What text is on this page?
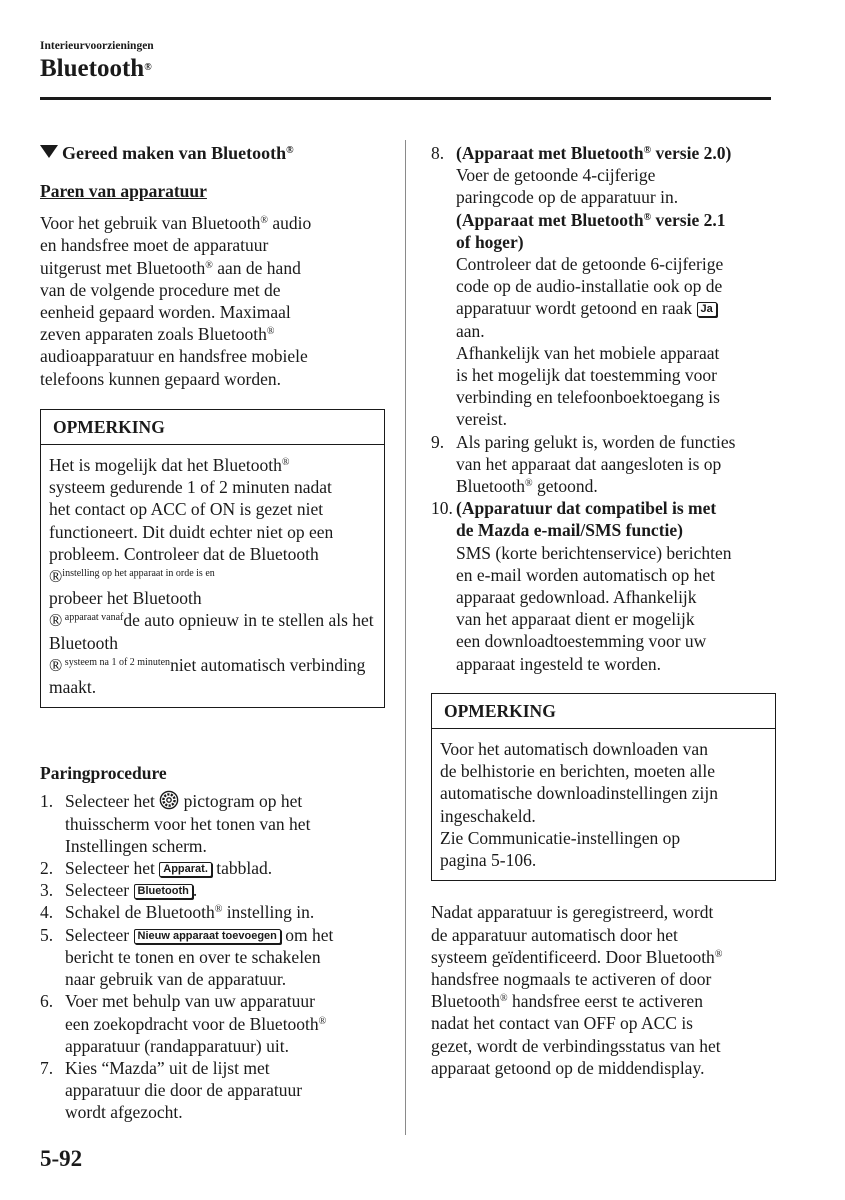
Interieurvoorzieningen
Bluetooth®
Gereed maken van Bluetooth®
Paren van apparatuur

Voor het gebruik van Bluetooth® audio
en handsfree moet de apparatuur
uitgerust met Bluetooth® aan de hand
van de volgende procedure met de
eenheid gepaard worden. Maximaal
zeven apparaten zoals Bluetooth®
audioapparatuur en handsfree mobiele
telefoons kunnen gepaard worden.

OPMERKING
Het is mogelijk dat het Bluetooth®
systeem gedurende 1 of 2 minuten nadat
het contact op ACC of ON is gezet niet
functioneert. Dit duidt echter niet op een
probleem. Controleer dat de Bluetooth
®$^{instelling op het apparaat in orde is en}$
probeer het Bluetooth
® $^{apparaat vanaf}$de auto opnieuw in te stellen als het
Bluetooth
® $^{systeem na 1 of 2 minuten}$niet automatisch verbinding maakt.

Paringprocedure
1. Selecteer het  pictogram op het
thuisscherm voor het tonen van het
Instellingen scherm.
2. Selecteer het Apparat. tabblad.
3. Selecteer Bluetooth .
4. Schakel de Bluetooth® instelling in.
5. Selecteer Nieuw apparaat toevoegen om het
bericht te tonen en over te schakelen
naar gebruik van de apparatuur.
6. Voer met behulp van uw apparatuur
een zoekopdracht voor de Bluetooth®
apparatuur (randapparatuur) uit.
7. Kies “Mazda” uit de lijst met
apparatuur die door de apparatuur
wordt afgezocht.
8. (Apparaat met Bluetooth® versie 2.0)
Voer de getoonde 4-cijferige
paringcode op de apparatuur in.
(Apparaat met Bluetooth® versie 2.1
of hoger)
Controleer dat de getoonde 6-cijferige
code op de audio-installatie ook op de
apparatuur wordt getoond en raak Ja
aan.
Afhankelijk van het mobiele apparaat
is het mogelijk dat toestemming voor
verbinding en telefoonboektoegang is
vereist.
9. Als paring gelukt is, worden de functies
van het apparaat dat aangesloten is op
Bluetooth® getoond.
10. (Apparatuur dat compatibel is met
de Mazda e-mail/SMS functie)
SMS (korte berichtenservice) berichten
en e-mail worden automatisch op het
apparaat gedownload. Afhankelijk
van het apparaat dient er mogelijk
een downloadtoestemming voor uw
apparaat ingesteld te worden.
OPMERKING
Voor het automatisch downloaden van
de belhistorie en berichten, moeten alle
automatische downloadinstellingen zijn
ingeschakeld.
Zie Communicatie-instellingen op
pagina 5-106.

Nadat apparatuur is geregistreerd, wordt
de apparatuur automatisch door het
systeem geïdentificeerd. Door Bluetooth®
handsfree nogmaals te activeren of door
Bluetooth® handsfree eerst te activeren
nadat het contact van OFF op ACC is
gezet, wordt de verbindingsstatus van het
apparaat getoond op de middendisplay.

5-92
